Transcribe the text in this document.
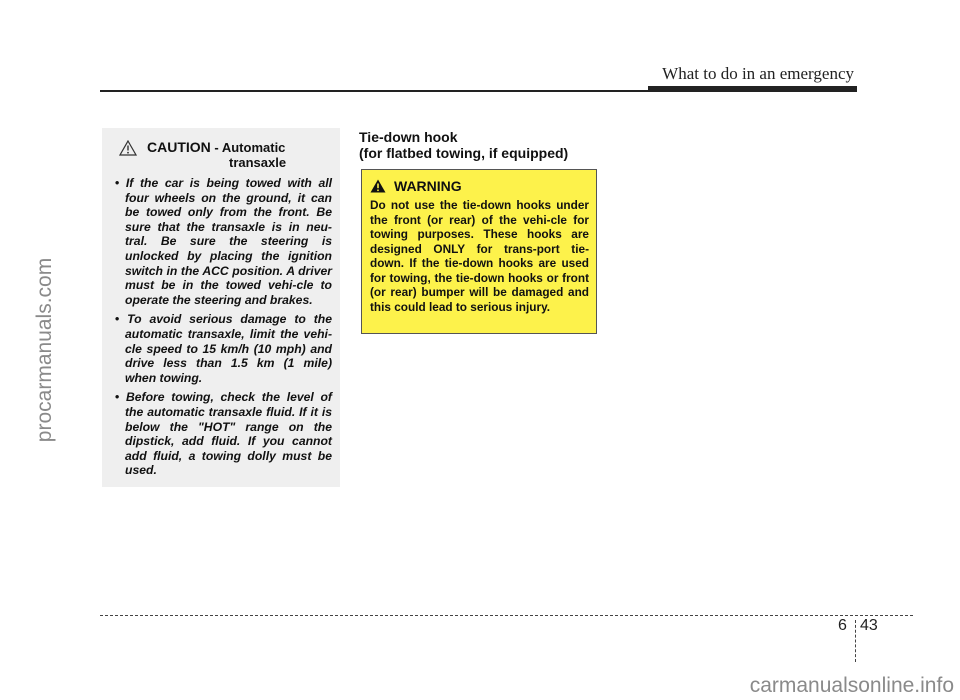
What to do in an emergency
procarmanuals.com
CAUTION - Automatic
transaxle
• If the car is being towed with all four wheels on the ground, it can be towed only from the front. Be sure that the transaxle is in neu-tral. Be sure the steering is unlocked by placing the ignition switch in the ACC position. A driver must be in the towed vehi-cle to operate the steering and brakes.
• To avoid serious damage to the automatic transaxle, limit the vehi-cle speed to 15 km/h (10 mph) and drive less than 1.5 km (1 mile) when towing.
• Before towing, check the level of the automatic transaxle fluid. If it is below the "HOT" range on the dipstick, add fluid. If you cannot add fluid, a towing dolly must be used.
Tie-down hook
(for flatbed towing, if equipped)
WARNING
Do not use the tie-down hooks under the front (or rear) of the vehi-cle for towing purposes. These hooks are designed ONLY for trans-port tie-down. If the tie-down hooks are used for towing, the tie-down hooks or front (or rear) bumper will be damaged and this could lead to serious injury.
6 43
carmanualsonline.info
